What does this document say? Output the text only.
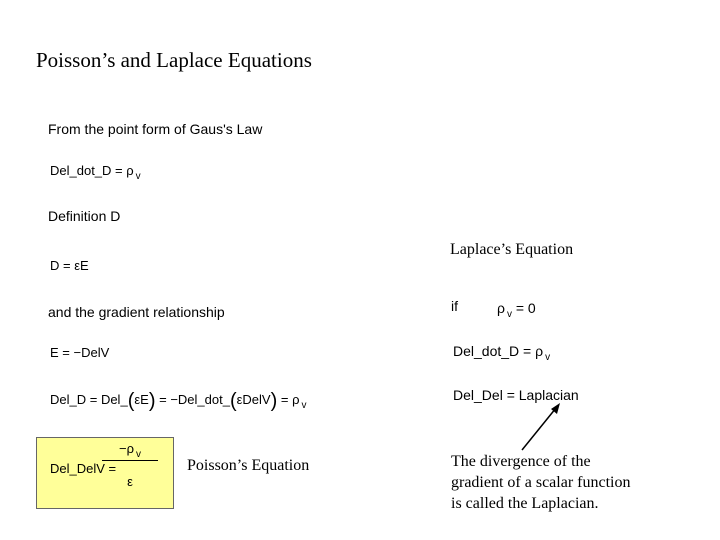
Poisson’s and Laplace Equations
From the point form of Gaus's Law
Del_dot_D = ρ $_v$
Definition D
D = εE
and the gradient relationship
E = −DelV
Del_D = Del_(εE) = −Del_dot_(εDelV) = ρ $_v$
Del_DelV =
−ρ $_v$
ε
Poisson’s Equation
Laplace’s Equation
if	ρ $_v$ = 0
Del_dot_D = ρ $_v$
Del_Del = Laplacian
The divergence of the
gradient of a scalar function
is called the Laplacian.
